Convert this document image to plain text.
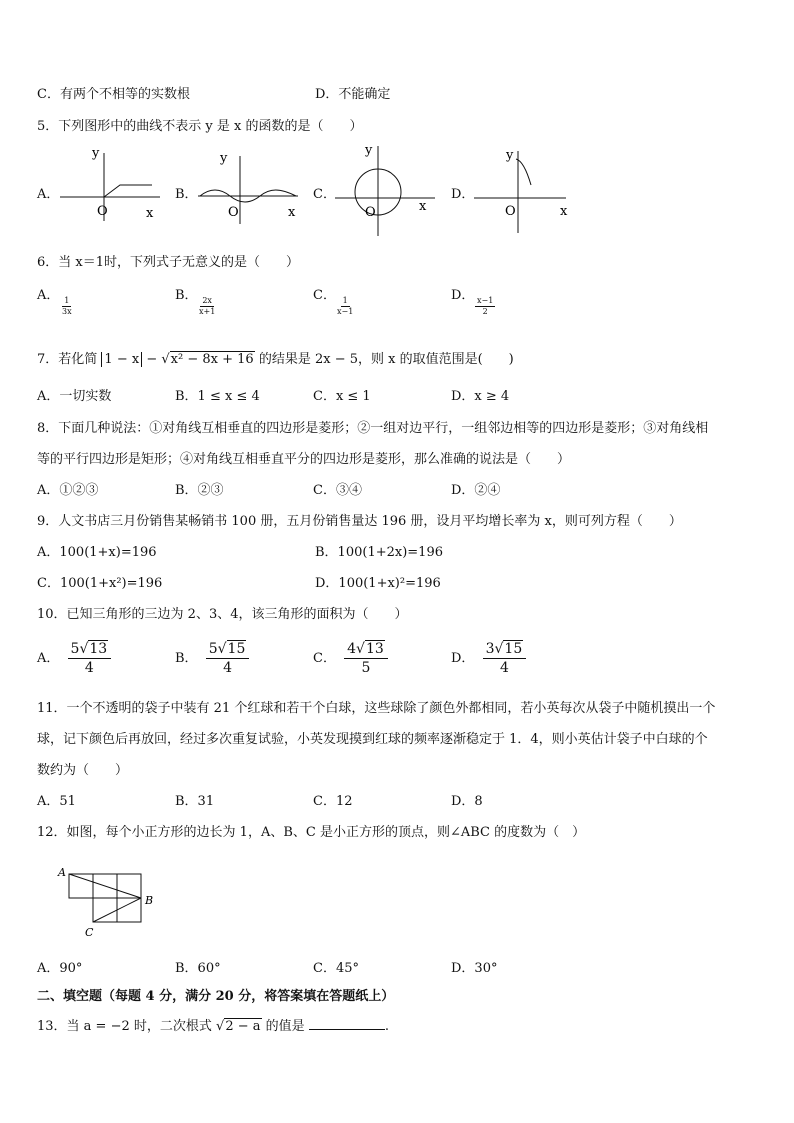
C．有两个不相等的实数根	D．不能确定
5．下列图形中的曲线不表示 y 是 x 的函数的是（　　）
A．	B．	C．	D．
y
O	x
y
O	x
y
O	x
y
O	x
6．当 x＝1时，下列式子无意义的是（　　）
A．
$\frac{1}{3x}$
B．
$\frac{2x}{x+1}$
C．
$\frac{1}{x-1}$
D．
$\frac{x-1}{2}$
7．若化简 1 − x − √x² − 8x + 16 的结果是 2x − 5，则 x 的取值范围是(　　)
A．一切实数	B．1 ≤ x ≤ 4	C．x ≤ 1	D．x ≥ 4
8．下面几种说法：①对角线互相垂直的四边形是菱形；②一组对边平行，一组邻边相等的四边形是菱形；③对角线相
等的平行四边形是矩形；④对角线互相垂直平分的四边形是菱形，那么准确的说法是（　　）
A．①②③	B．②③	C．③④	D．②④
9．人文书店三月份销售某畅销书 100 册，五月份销售量达 196 册，设月平均增长率为 x，则可列方程（　　）
A．100(1+x)=196	B．100(1+2x)=196
C．100(1+x²)=196	D．100(1+x)²=196
10．已知三角形的三边为 2、3、4，该三角形的面积为（　　）
A． $\frac{5√13}{4}$	B． $\frac{5√15}{4}$	C． $\frac{4√13}{5}$	D． $\frac{3√15}{4}$
11．一个不透明的袋子中装有 21 个红球和若干个白球，这些球除了颜色外都相同，若小英每次从袋子中随机摸出一个
球，记下颜色后再放回，经过多次重复试验，小英发现摸到红球的频率逐渐稳定于 1．4，则小英估计袋子中白球的个
数约为（　　）
A．51	B．31	C．12	D．8
12．如图，每个小正方形的边长为 1，A、B、C 是小正方形的顶点，则∠ABC 的度数为（　）
A
B
C
A．90°	B．60°	C．45°	D．30°
二、填空题（每题 4 分，满分 20 分，将答案填在答题纸上）
13．当 a = −2 时，二次根式 √2 − a 的值是	.
